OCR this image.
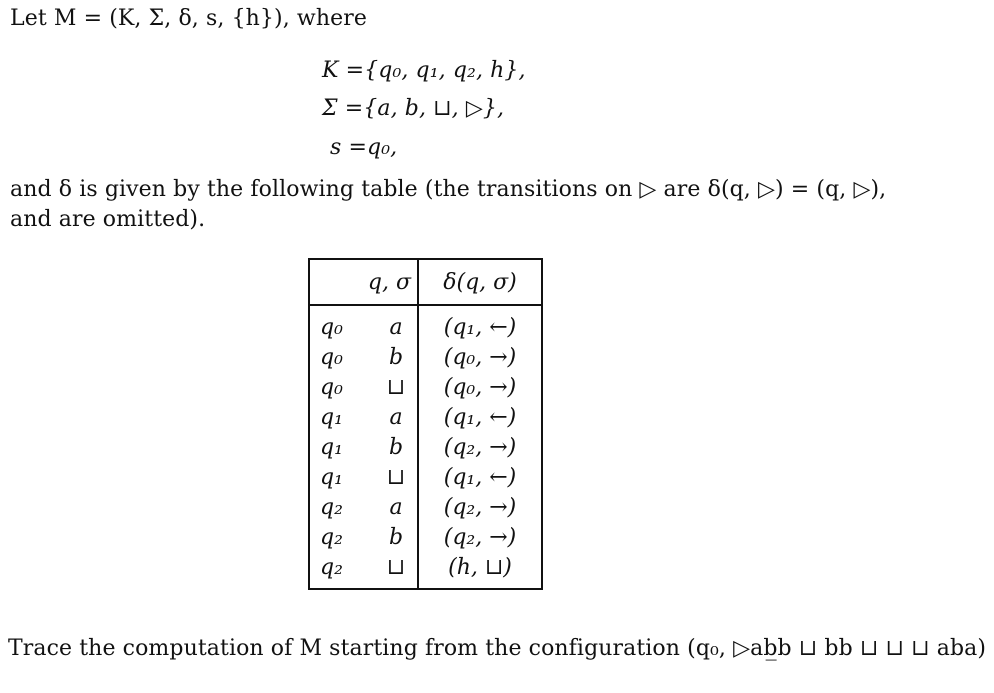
Let M = (K, Σ, δ, s, {h}), where
K ={q₀, q₁, q₂, h},
Σ ={a, b, ⊔, ▷},
s =q₀,
and δ is given by the following table (the transitions on ▷ are δ(q, ▷) = (q, ▷),
and are omitted).
q, σ		δ(q, σ)
q₀	a	(q₁, ←)
q₀	b	(q₀, →)
q₀	⊔	(q₀, →)
q₁	a	(q₁, ←)
q₁	b	(q₂, →)
q₁	⊔	(q₁, ←)
q₂	a	(q₂, →)
q₂	b	(q₂, →)
q₂	⊔	(h, ⊔)
Trace the computation of M starting from the configuration (q₀, ▷ab̲b ⊔ bb ⊔ ⊔ ⊔ aba)
